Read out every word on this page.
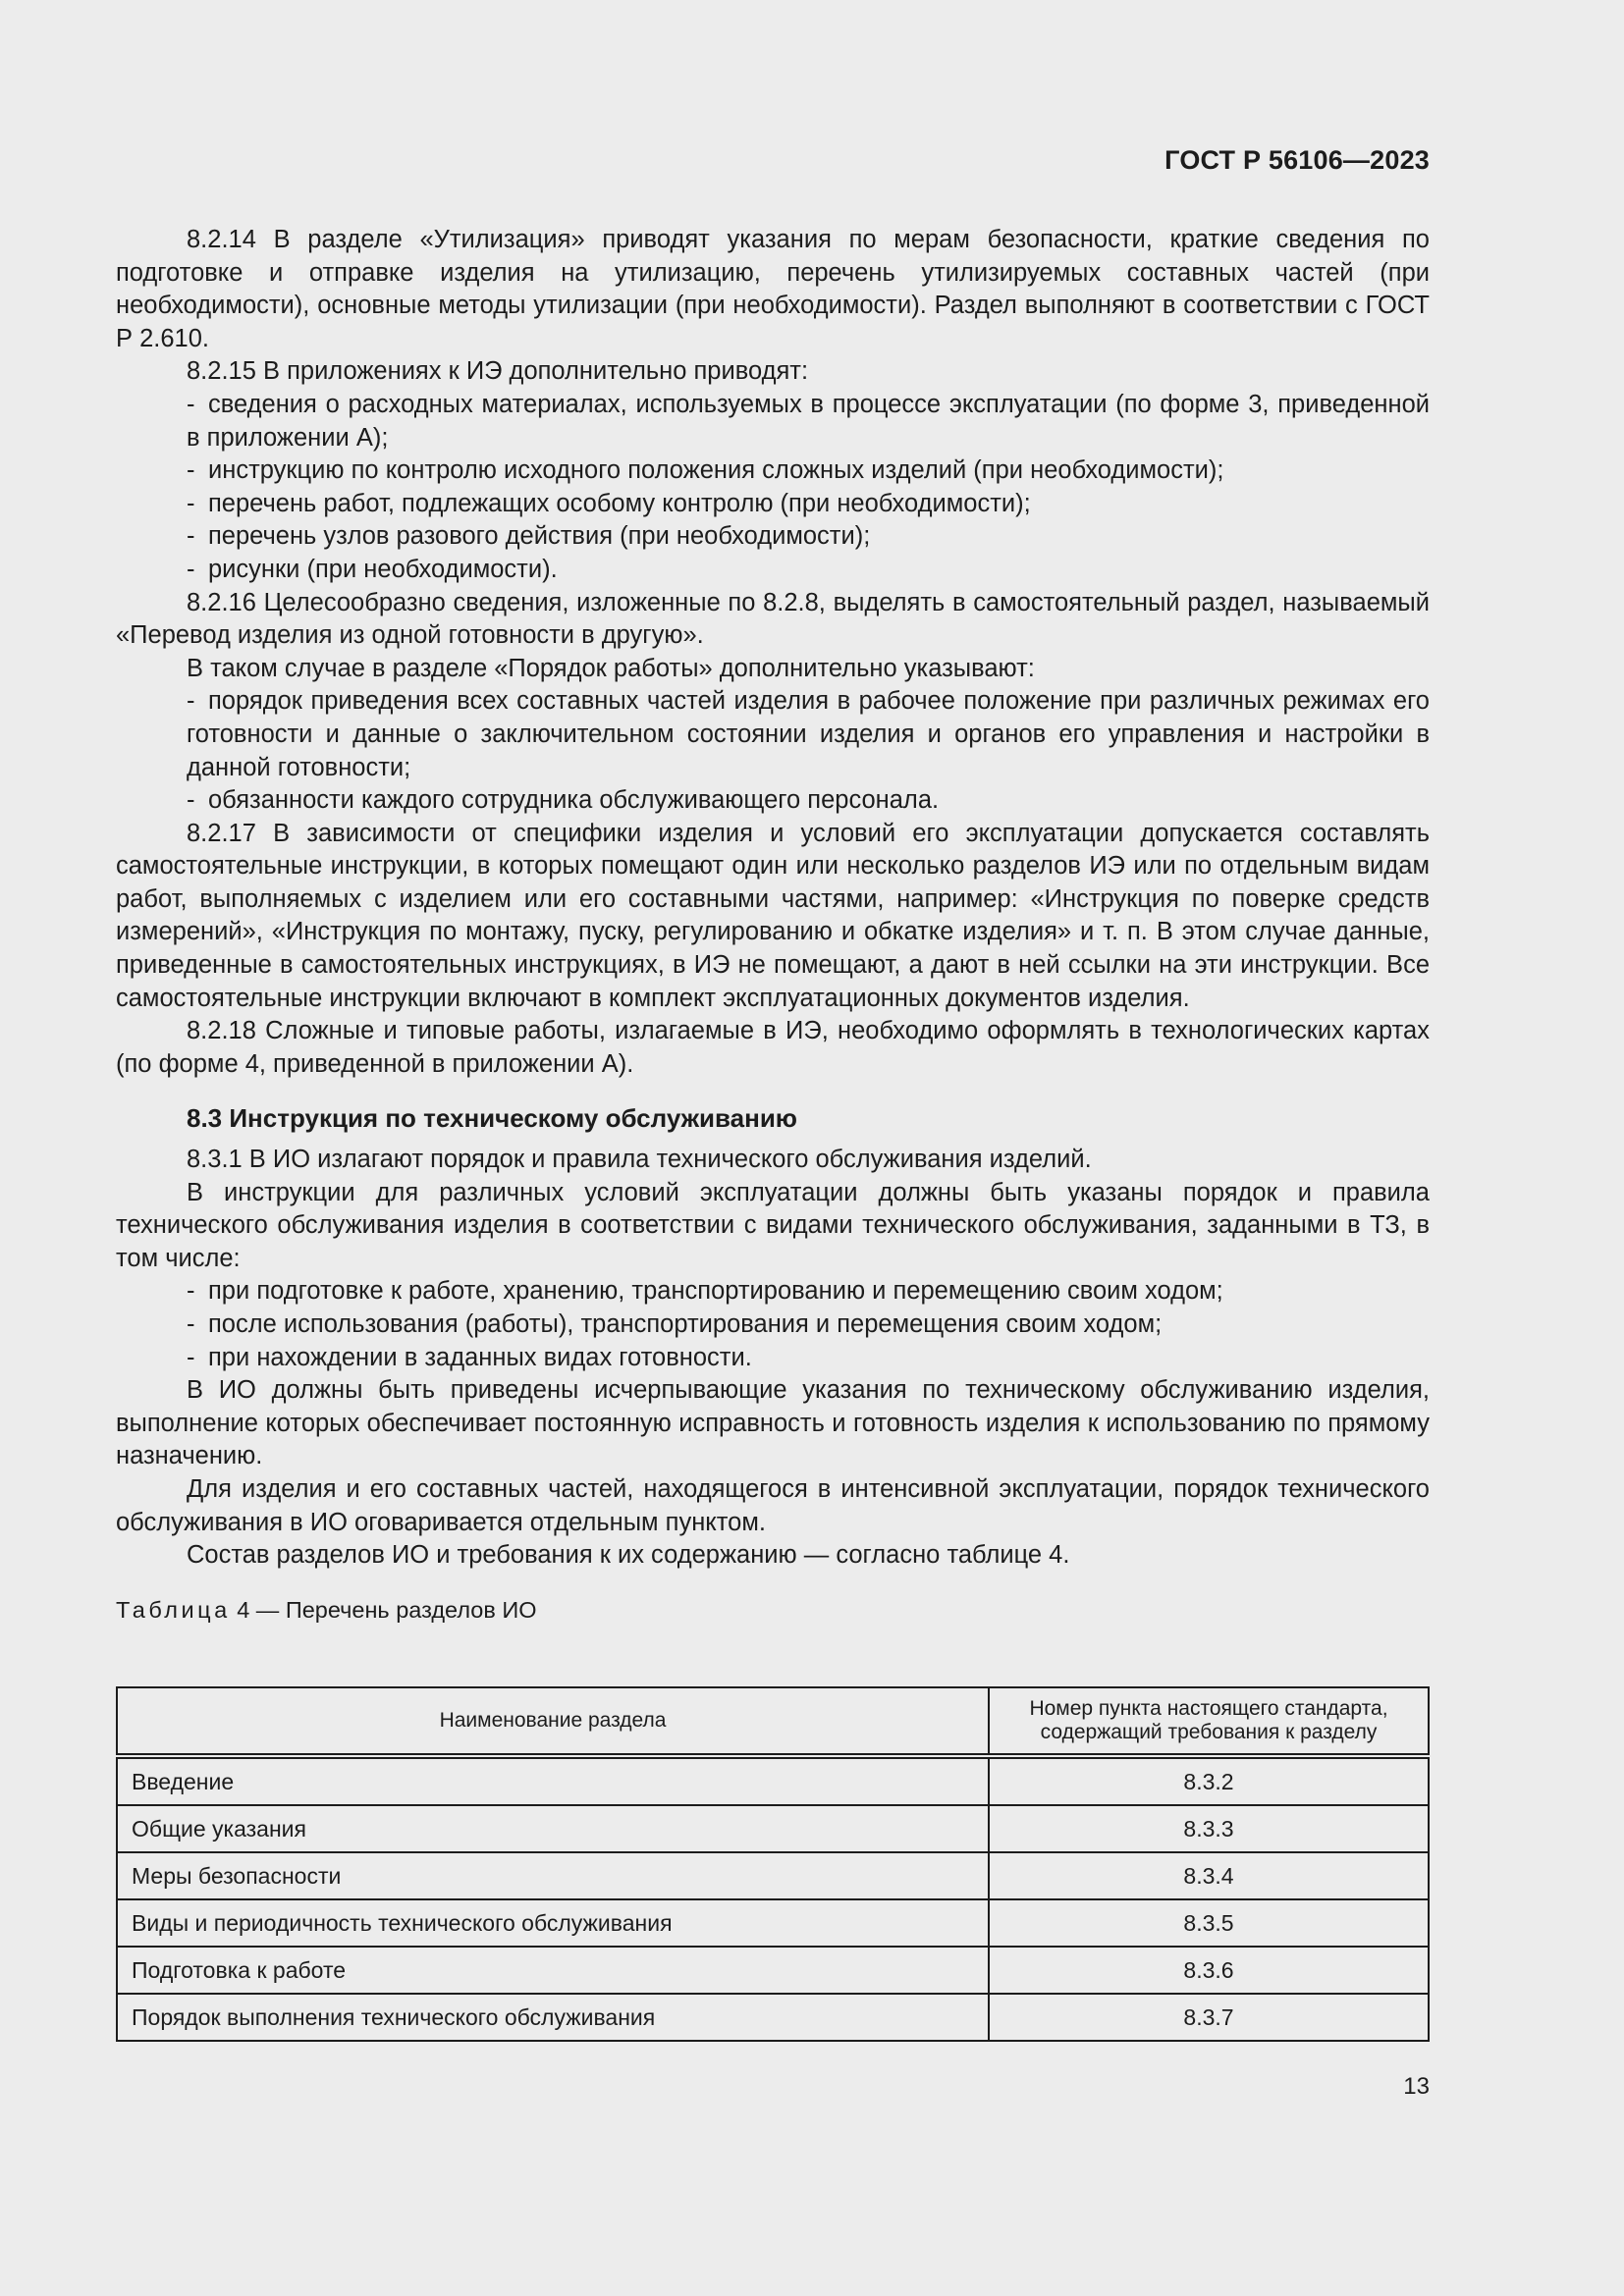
ГОСТ Р 56106—2023

8.2.14 В разделе «Утилизация» приводят указания по мерам безопасности, краткие сведения по подготовке и отправке изделия на утилизацию, перечень утилизируемых составных частей (при необходимости), основные методы утилизации (при необходимости). Раздел выполняют в соответствии с ГОСТ Р 2.610.

8.2.15 В приложениях к ИЭ дополнительно приводят:

- сведения о расходных материалах, используемых в процессе эксплуатации (по форме 3, приведенной в приложении А);

- инструкцию по контролю исходного положения сложных изделий (при необходимости);

- перечень работ, подлежащих особому контролю (при необходимости);

- перечень узлов разового действия (при необходимости);

- рисунки (при необходимости).

8.2.16 Целесообразно сведения, изложенные по 8.2.8, выделять в самостоятельный раздел, называемый «Перевод изделия из одной готовности в другую».

В таком случае в разделе «Порядок работы» дополнительно указывают:

- порядок приведения всех составных частей изделия в рабочее положение при различных режимах его готовности и данные о заключительном состоянии изделия и органов его управления и настройки в данной готовности;

- обязанности каждого сотрудника обслуживающего персонала.

8.2.17 В зависимости от специфики изделия и условий его эксплуатации допускается составлять самостоятельные инструкции, в которых помещают один или несколько разделов ИЭ или по отдельным видам работ, выполняемых с изделием или его составными частями, например: «Инструкция по поверке средств измерений», «Инструкция по монтажу, пуску, регулированию и обкатке изделия» и т. п. В этом случае данные, приведенные в самостоятельных инструкциях, в ИЭ не помещают, а дают в ней ссылки на эти инструкции. Все самостоятельные инструкции включают в комплект эксплуатационных документов изделия.

8.2.18 Сложные и типовые работы, излагаемые в ИЭ, необходимо оформлять в технологических картах (по форме 4, приведенной в приложении А).

8.3 Инструкция по техническому обслуживанию

8.3.1 В ИО излагают порядок и правила технического обслуживания изделий.

В инструкции для различных условий эксплуатации должны быть указаны порядок и правила технического обслуживания изделия в соответствии с видами технического обслуживания, заданными в ТЗ, в том числе:

- при подготовке к работе, хранению, транспортированию и перемещению своим ходом;

- после использования (работы), транспортирования и перемещения своим ходом;

- при нахождении в заданных видах готовности.

В ИО должны быть приведены исчерпывающие указания по техническому обслуживанию изделия, выполнение которых обеспечивает постоянную исправность и готовность изделия к использованию по прямому назначению.

Для изделия и его составных частей, находящегося в интенсивной эксплуатации, порядок технического обслуживания в ИО оговаривается отдельным пунктом.

Состав разделов ИО и требования к их содержанию — согласно таблице 4.

Таблица 4 — Перечень разделов ИО
Наименование раздела	Номер пункта настоящего стандарта, содержащий требования к разделу
Введение	8.3.2
Общие указания	8.3.3
Меры безопасности	8.3.4
Виды и периодичность технического обслуживания	8.3.5
Подготовка к работе	8.3.6
Порядок выполнения технического обслуживания	8.3.7
13
